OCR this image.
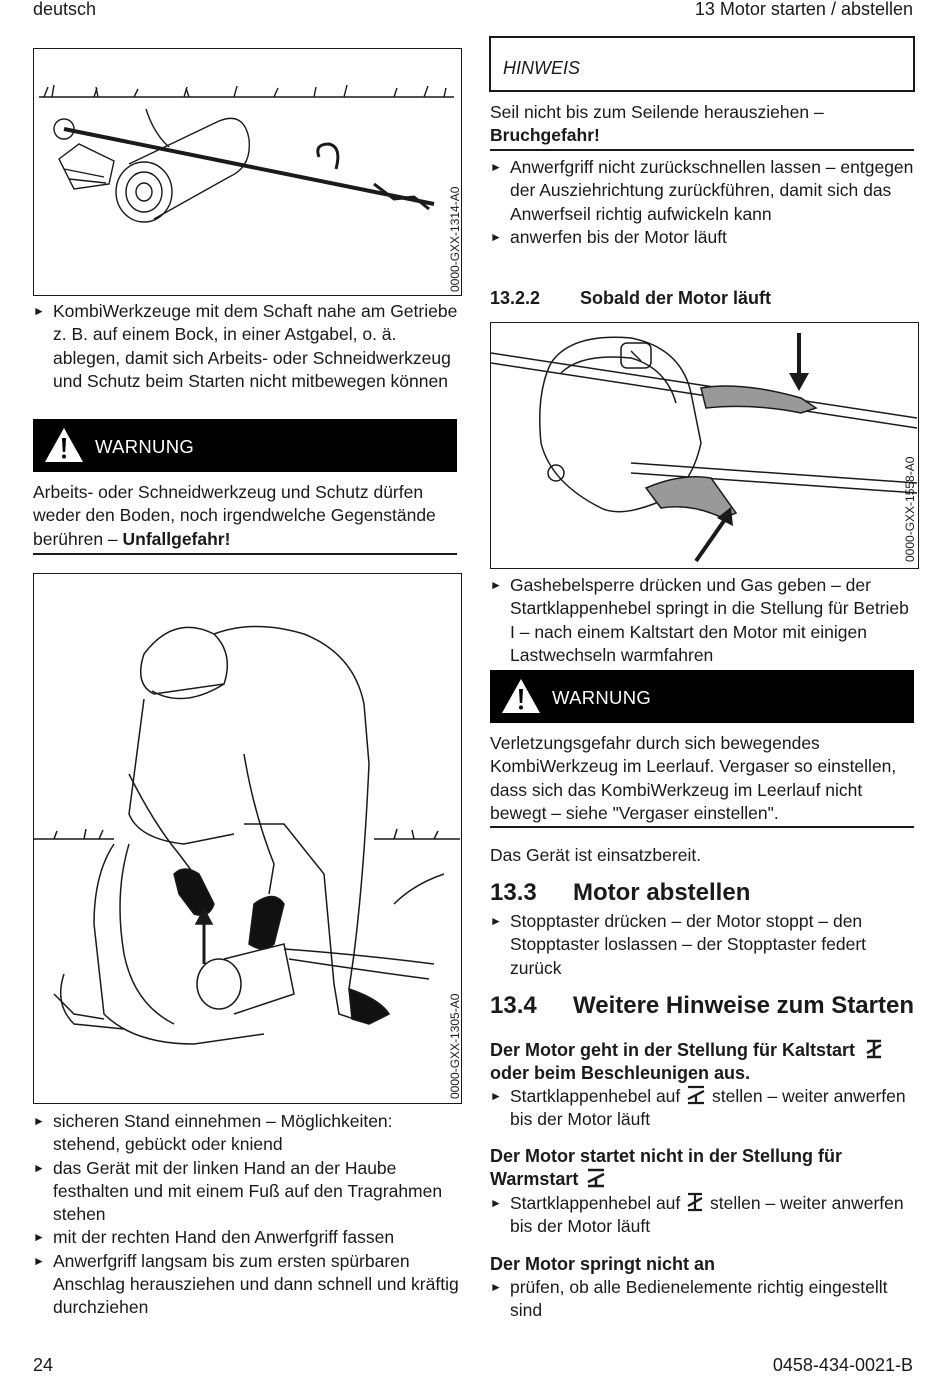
deutsch	13 Motor starten / abstellen
0000-GXX-1314-A0
► KombiWerkzeuge mit dem Schaft nahe am Getriebe z. B. auf einem Bock, in einer Astgabel, o. ä. ablegen, damit sich Arbeits- oder Schneidwerkzeug und Schutz beim Starten nicht mitbewegen können
WARNUNG
Arbeits- oder Schneidwerkzeug und Schutz dürfen weder den Boden, noch irgendwelche Gegenstände berühren – Unfallgefahr!
0000-GXX-1305-A0
► sicheren Stand einnehmen – Möglichkeiten: stehend, gebückt oder kniend
► das Gerät mit der linken Hand an der Haube festhalten und mit einem Fuß auf den Tragrahmen stehen
► mit der rechten Hand den Anwerfgriff fassen
► Anwerfgriff langsam bis zum ersten spürbaren Anschlag herausziehen und dann schnell und kräftig durchziehen
HINWEIS
Seil nicht bis zum Seilende herausziehen – Bruchgefahr!
► Anwerfgriff nicht zurückschnellen lassen – entgegen der Ausziehrichtung zurückführen, damit sich das Anwerfseil richtig aufwickeln kann
► anwerfen bis der Motor läuft
13.2.2 Sobald der Motor läuft
0000-GXX-1558-A0
► Gashebelsperre drücken und Gas geben – der Startklappenhebel springt in die Stellung für Betrieb I – nach einem Kaltstart den Motor mit einigen Lastwechseln warmfahren
WARNUNG
Verletzungsgefahr durch sich bewegendes KombiWerkzeug im Leerlauf. Vergaser so einstellen, dass sich das KombiWerkzeug im Leerlauf nicht bewegt – siehe "Vergaser einstellen".
Das Gerät ist einsatzbereit.
13.3 Motor abstellen
► Stopptaster drücken – der Motor stoppt – den Stopptaster loslassen – der Stopptaster federt zurück
13.4 Weitere Hinweise zum Starten
Der Motor geht in der Stellung für Kaltstart
oder beim Beschleunigen aus.
► Startklappenhebel auf stellen – weiter anwerfen bis der Motor läuft
Der Motor startet nicht in der Stellung für Warmstart
► Startklappenhebel auf stellen – weiter anwerfen bis der Motor läuft
Der Motor springt nicht an
► prüfen, ob alle Bedienelemente richtig eingestellt sind
24	0458-434-0021-B
